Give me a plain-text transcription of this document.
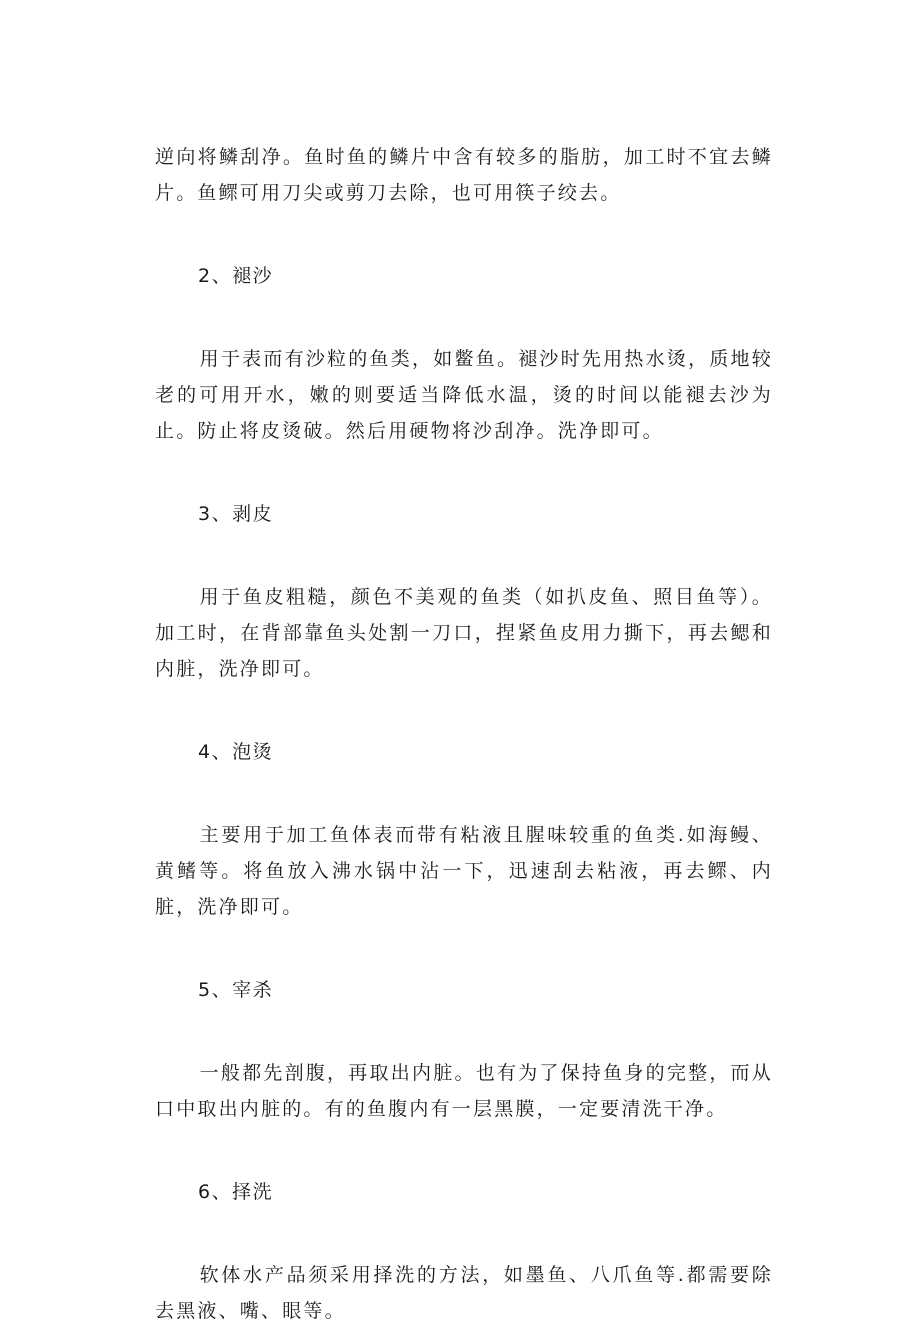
逆向将鳞刮净。鱼时鱼的鳞片中含有较多的脂肪，加工时不宜去鳞片。鱼鳏可用刀尖或剪刀去除，也可用筷子绞去。

2、褪沙

用于表而有沙粒的鱼类，如鳖鱼。褪沙时先用热水烫，质地较老的可用开水，嫩的则要适当降低水温，烫的时间以能褪去沙为止。防止将皮烫破。然后用硬物将沙刮净。洗净即可。

3、剥皮

用于鱼皮粗糙，颜色不美观的鱼类（如扒皮鱼、照目鱼等）。加工时，在背部靠鱼头处割一刀口，捏紧鱼皮用力撕下，再去鳃和内脏，洗净即可。

4、泡烫

主要用于加工鱼体表而带有粘液且腥味较重的鱼类.如海鳗、黄鳍等。将鱼放入沸水锅中沾一下，迅速刮去粘液，再去鳏、内脏，洗净即可。

5、宰杀

一般都先剖腹，再取出内脏。也有为了保持鱼身的完整，而从口中取出内脏的。有的鱼腹内有一层黑膜，一定要清洗干净。

6、择洗

软体水产品须采用择洗的方法，如墨鱼、八爪鱼等.都需要除去黑液、嘴、眼等。
